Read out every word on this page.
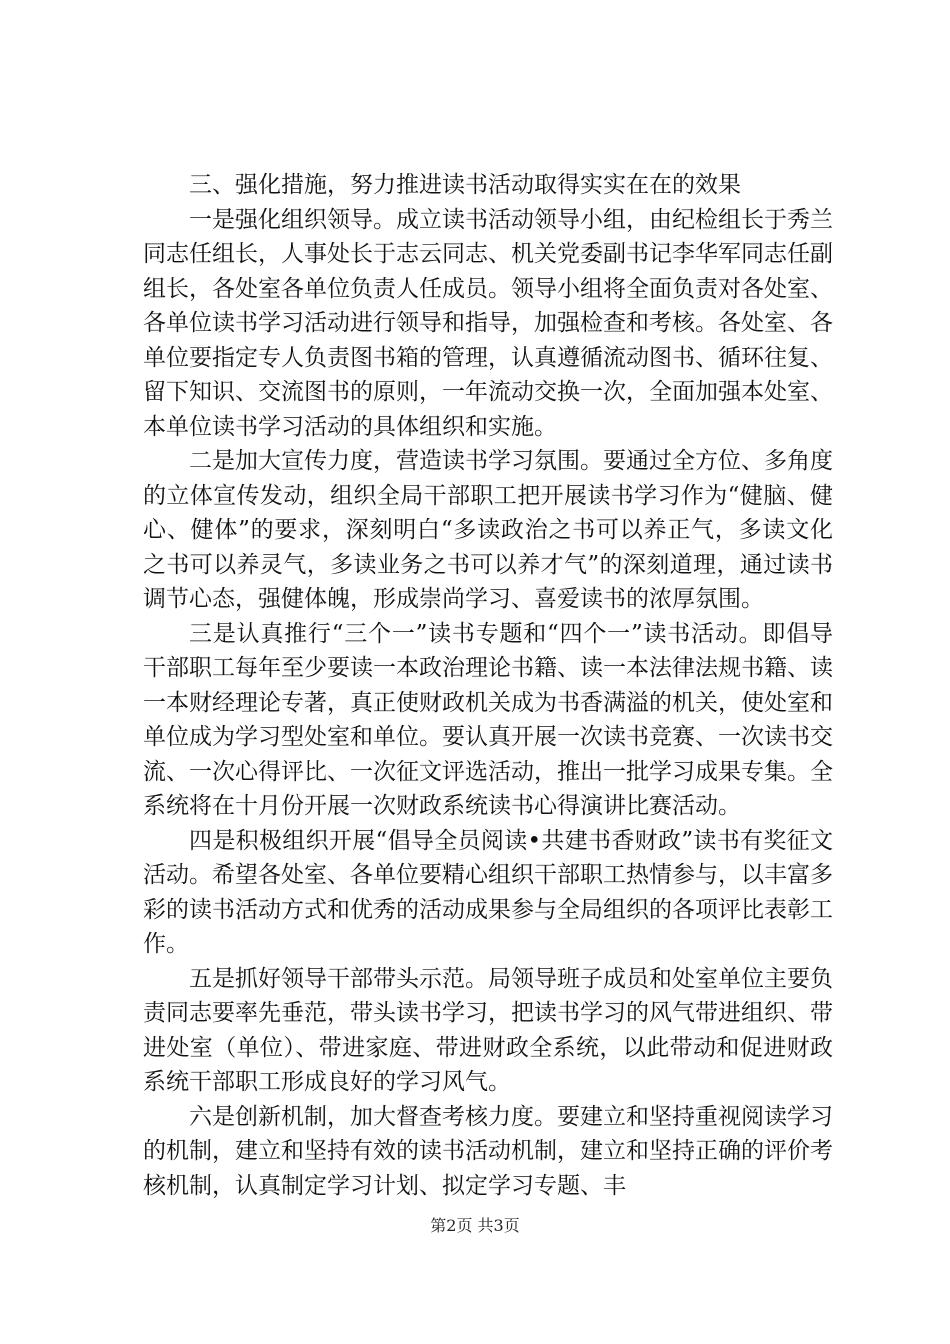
三、强化措施，努力推进读书活动取得实实在在的效果

一是强化组织领导。成立读书活动领导小组，由纪检组长于秀兰同志任组长，人事处长于志云同志、机关党委副书记李华军同志任副组长，各处室各单位负责人任成员。领导小组将全面负责对各处室、各单位读书学习活动进行领导和指导，加强检查和考核。各处室、各单位要指定专人负责图书箱的管理，认真遵循流动图书、循环往复、留下知识、交流图书的原则，一年流动交换一次，全面加强本处室、本单位读书学习活动的具体组织和实施。

二是加大宣传力度，营造读书学习氛围。要通过全方位、多角度的立体宣传发动，组织全局干部职工把开展读书学习作为“健脑、健心、健体”的要求，深刻明白“多读政治之书可以养正气，多读文化之书可以养灵气，多读业务之书可以养才气”的深刻道理，通过读书调节心态，强健体魄，形成崇尚学习、喜爱读书的浓厚氛围。

三是认真推行“三个一”读书专题和“四个一”读书活动。即倡导干部职工每年至少要读一本政治理论书籍、读一本法律法规书籍、读一本财经理论专著，真正使财政机关成为书香满溢的机关，使处室和单位成为学习型处室和单位。要认真开展一次读书竞赛、一次读书交流、一次心得评比、一次征文评选活动，推出一批学习成果专集。全系统将在十月份开展一次财政系统读书心得演讲比赛活动。

四是积极组织开展“倡导全员阅读•共建书香财政”读书有奖征文活动。希望各处室、各单位要精心组织干部职工热情参与，以丰富多彩的读书活动方式和优秀的活动成果参与全局组织的各项评比表彰工作。

五是抓好领导干部带头示范。局领导班子成员和处室单位主要负责同志要率先垂范，带头读书学习，把读书学习的风气带进组织、带进处室（单位）、带进家庭、带进财政全系统，以此带动和促进财政系统干部职工形成良好的学习风气。

六是创新机制，加大督查考核力度。要建立和坚持重视阅读学习的机制，建立和坚持有效的读书活动机制，建立和坚持正确的评价考核机制，认真制定学习计划、拟定学习专题、丰

第2页 共3页
